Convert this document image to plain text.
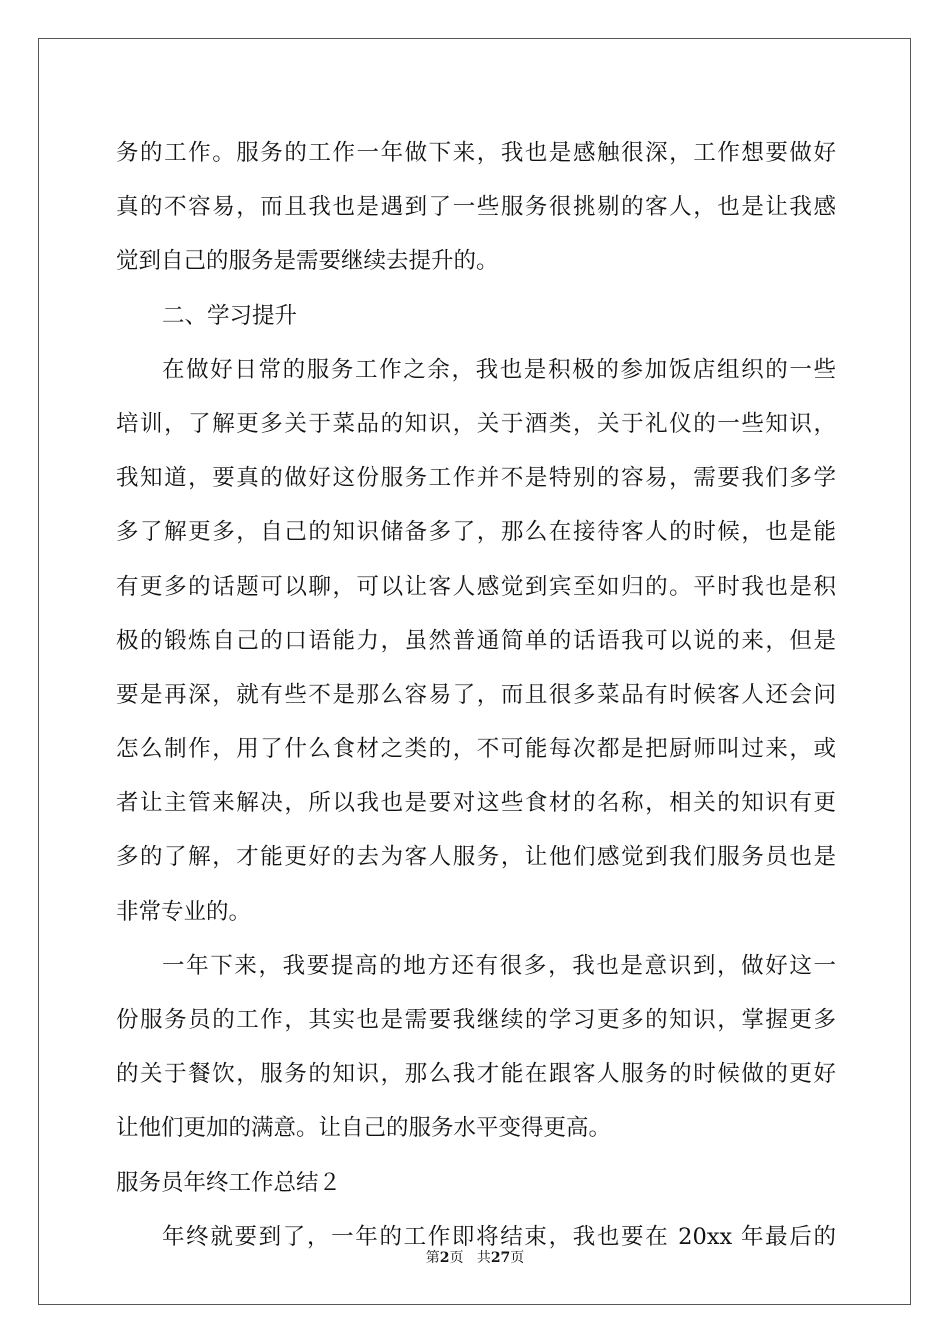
务的工作。服务的工作一年做下来，我也是感触很深，工作想要做好
真的不容易，而且我也是遇到了一些服务很挑剔的客人，也是让我感
觉到自己的服务是需要继续去提升的。
二、学习提升
在做好日常的服务工作之余，我也是积极的参加饭店组织的一些
培训，了解更多关于菜品的知识，关于酒类，关于礼仪的一些知识，
我知道，要真的做好这份服务工作并不是特别的容易，需要我们多学
多了解更多，自己的知识储备多了，那么在接待客人的时候，也是能
有更多的话题可以聊，可以让客人感觉到宾至如归的。平时我也是积
极的锻炼自己的口语能力，虽然普通简单的话语我可以说的来，但是
要是再深，就有些不是那么容易了，而且很多菜品有时候客人还会问
怎么制作，用了什么食材之类的，不可能每次都是把厨师叫过来，或
者让主管来解决，所以我也是要对这些食材的名称，相关的知识有更
多的了解，才能更好的去为客人服务，让他们感觉到我们服务员也是
非常专业的。
一年下来，我要提高的地方还有很多，我也是意识到，做好这一
份服务员的工作，其实也是需要我继续的学习更多的知识，掌握更多
的关于餐饮，服务的知识，那么我才能在跟客人服务的时候做的更好
让他们更加的满意。让自己的服务水平变得更高。
服务员年终工作总结２
年终就要到了，一年的工作即将结束，我也要在 20xx 年最后的
第2页 共27页
